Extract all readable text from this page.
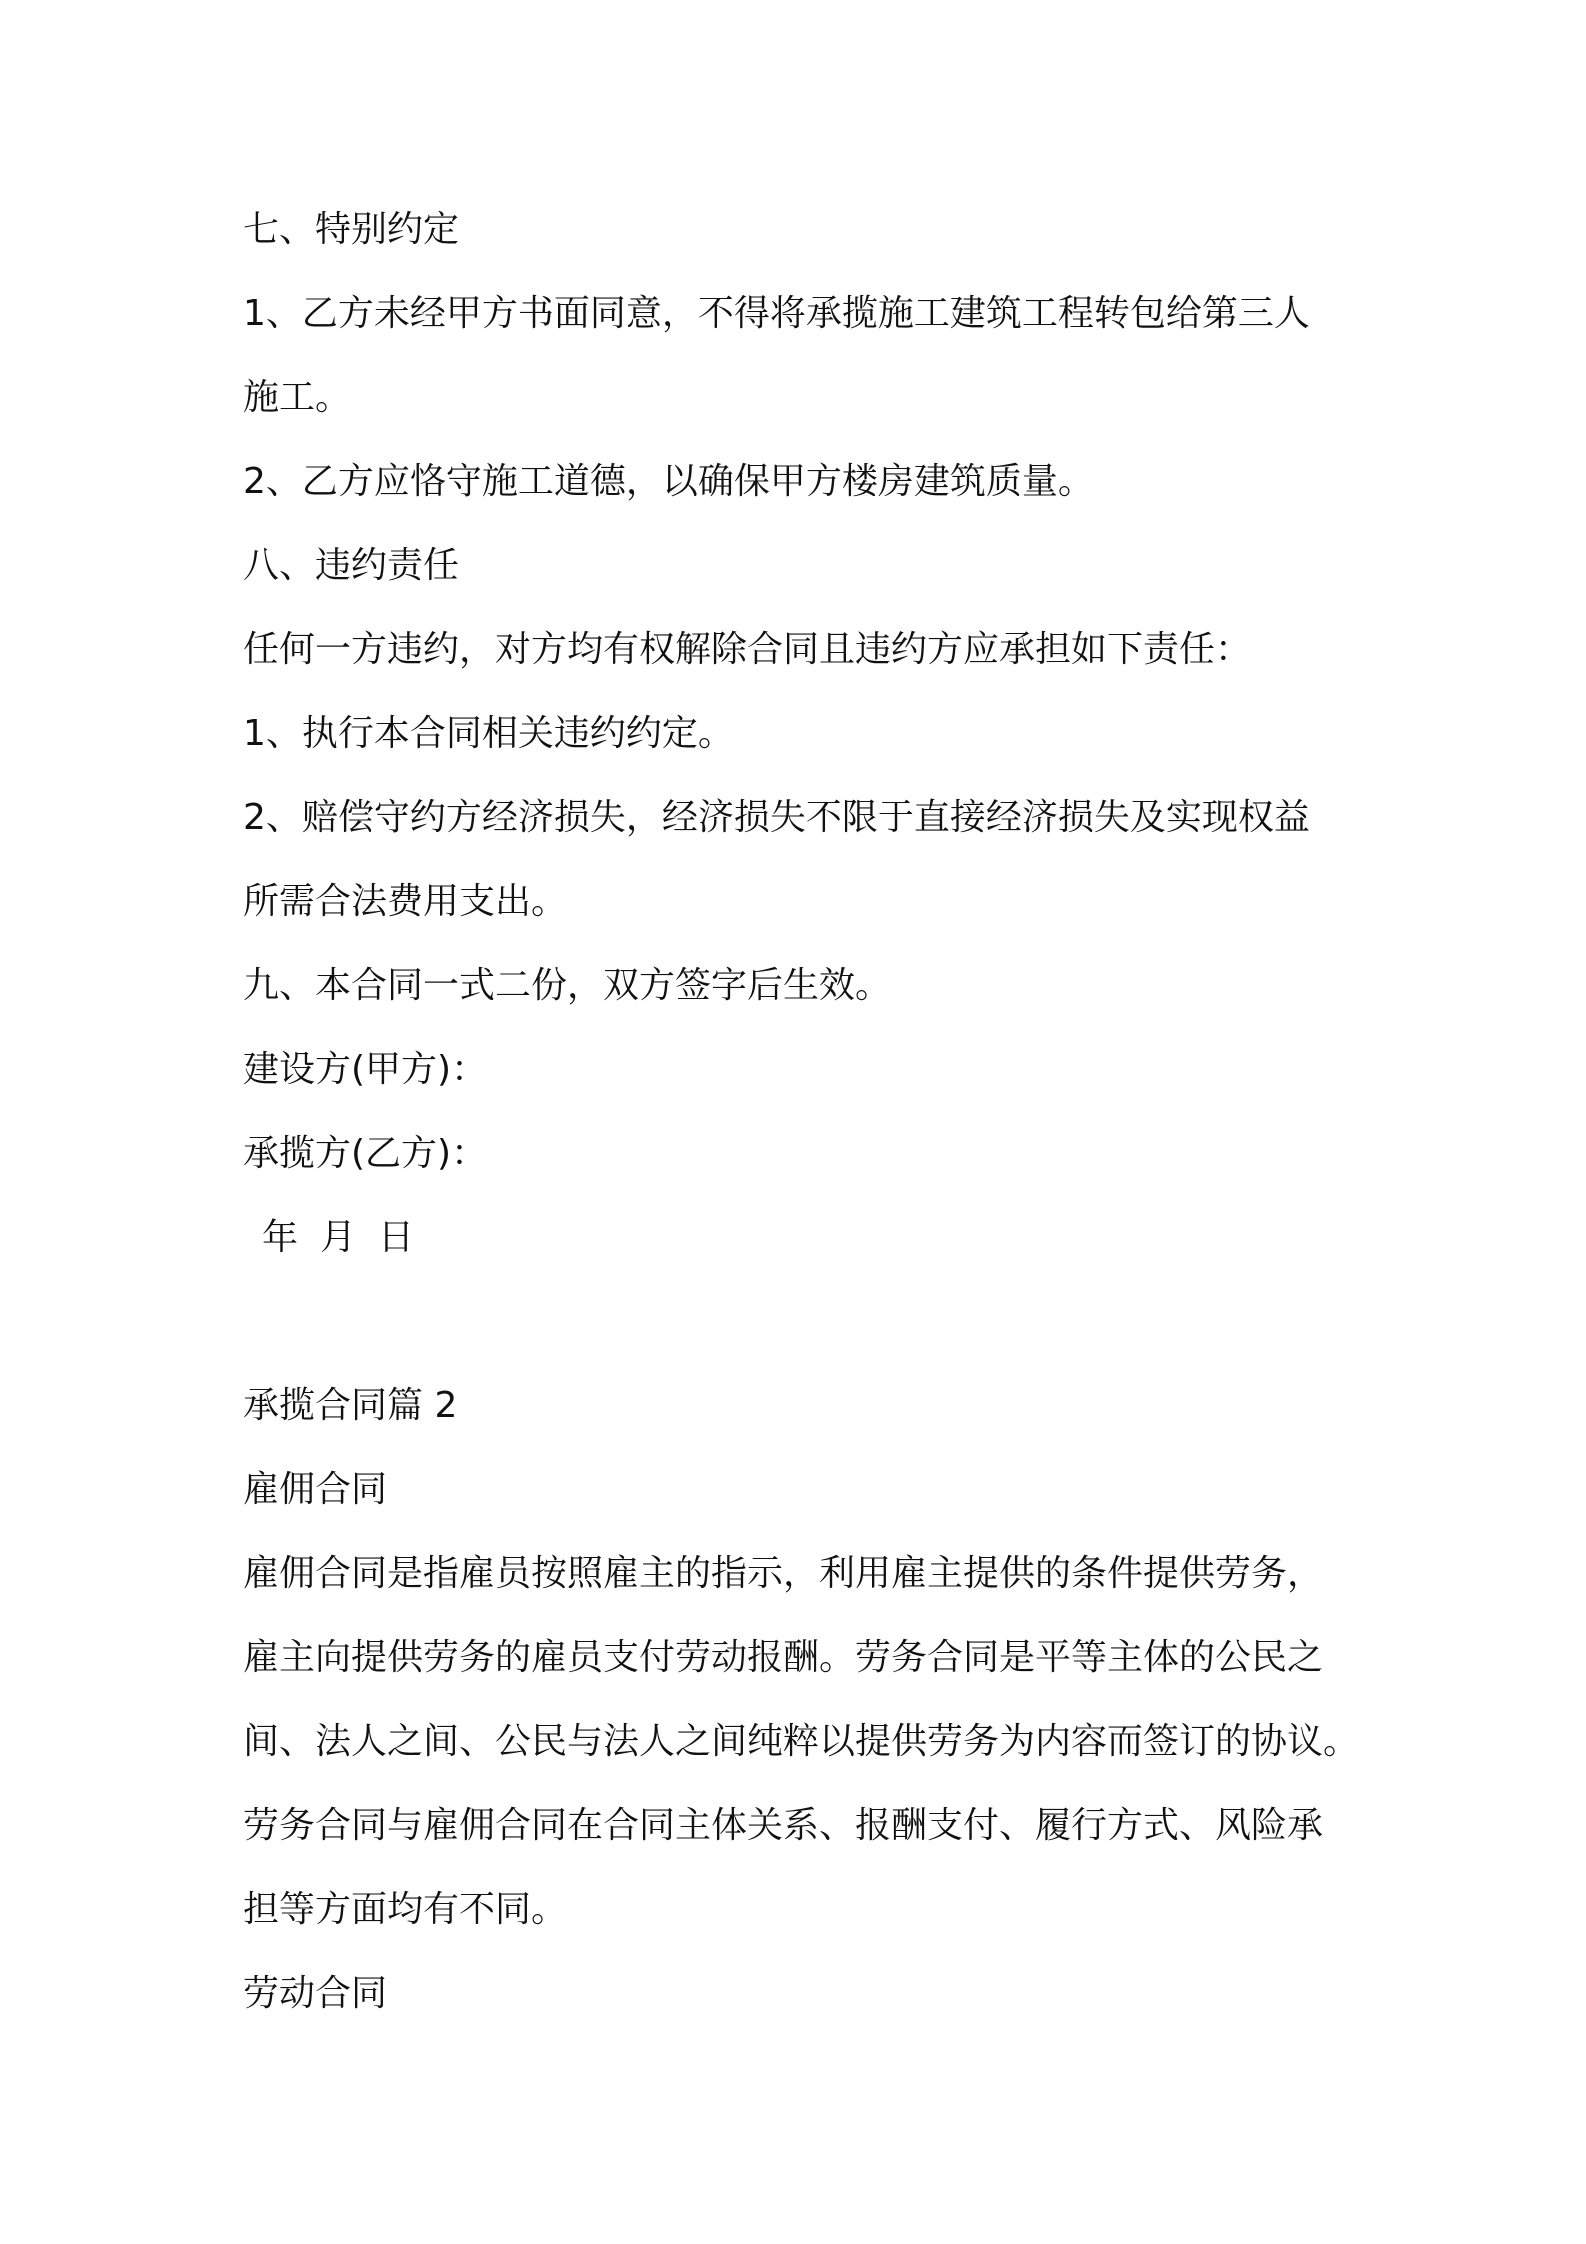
七、特别约定
1、乙方未经甲方书面同意，不得将承揽施工建筑工程转包给第三人
施工。
2、乙方应恪守施工道德，以确保甲方楼房建筑质量。
八、违约责任
任何一方违约，对方均有权解除合同且违约方应承担如下责任：
1、执行本合同相关违约约定。
2、赔偿守约方经济损失，经济损失不限于直接经济损失及实现权益
所需合法费用支出。
九、本合同一式二份，双方签字后生效。
建设方(甲方)：
承揽方(乙方)：
年 月 日
承揽合同篇 2
雇佣合同
雇佣合同是指雇员按照雇主的指示，利用雇主提供的条件提供劳务，
雇主向提供劳务的雇员支付劳动报酬。劳务合同是平等主体的公民之
间、法人之间、公民与法人之间纯粹以提供劳务为内容而签订的协议。
劳务合同与雇佣合同在合同主体关系、报酬支付、履行方式、风险承
担等方面均有不同。
劳动合同
